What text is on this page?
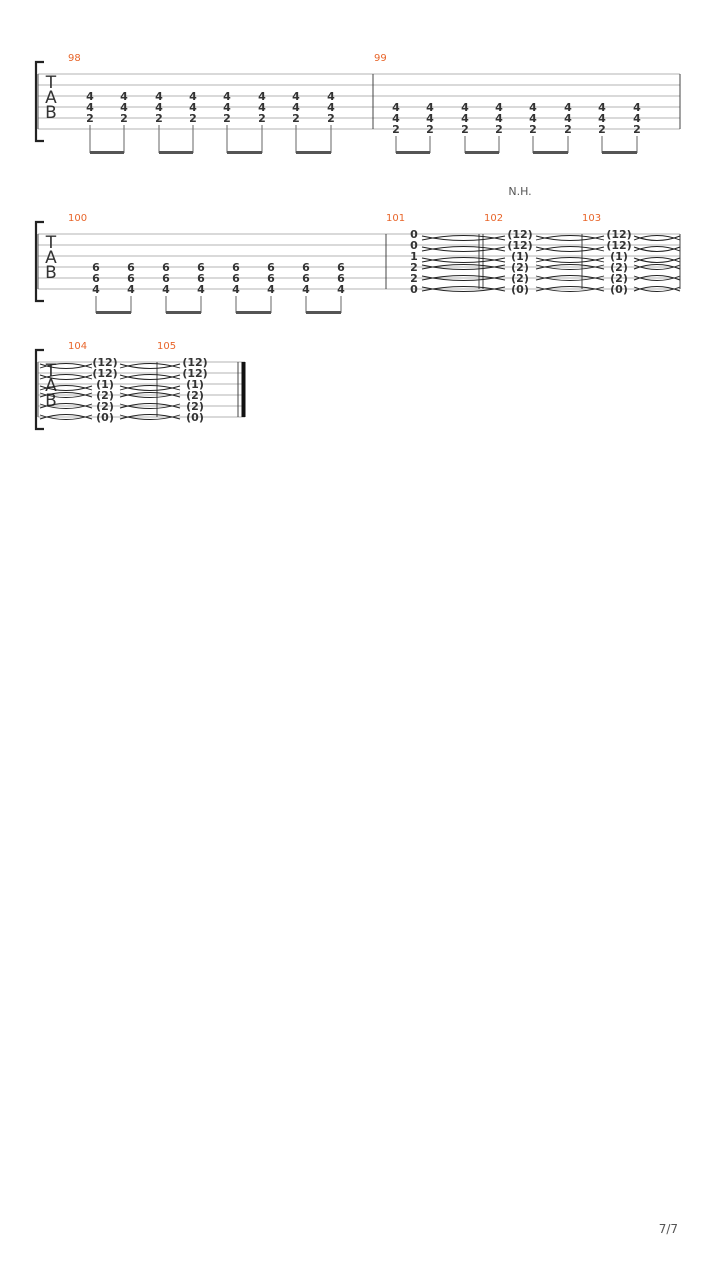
T
A
B
98
4
4
2
4
4
2
4
4
2
4
4
2
4
4
2
4
4
2
4
4
2
4
4
2
99
4
4
2
4
4
2
4
4
2
4
4
2
4
4
2
4
4
2
4
4
2
4
4
2
T
A
B
N.H.
100
6
6
4
6
6
4
6
6
4
6
6
4
6
6
4
6
6
4
6
6
4
6
6
4
101
0
0
1
2
2
0
102
(12)
(12)
(1)
(2)
(2)
(0)
103
(12)
(12)
(1)
(2)
(2)
(0)
T
A
B
104
(12)
(12)
(1)
(2)
(2)
(0)
105
(12)
(12)
(1)
(2)
(2)
(0)
7/7
